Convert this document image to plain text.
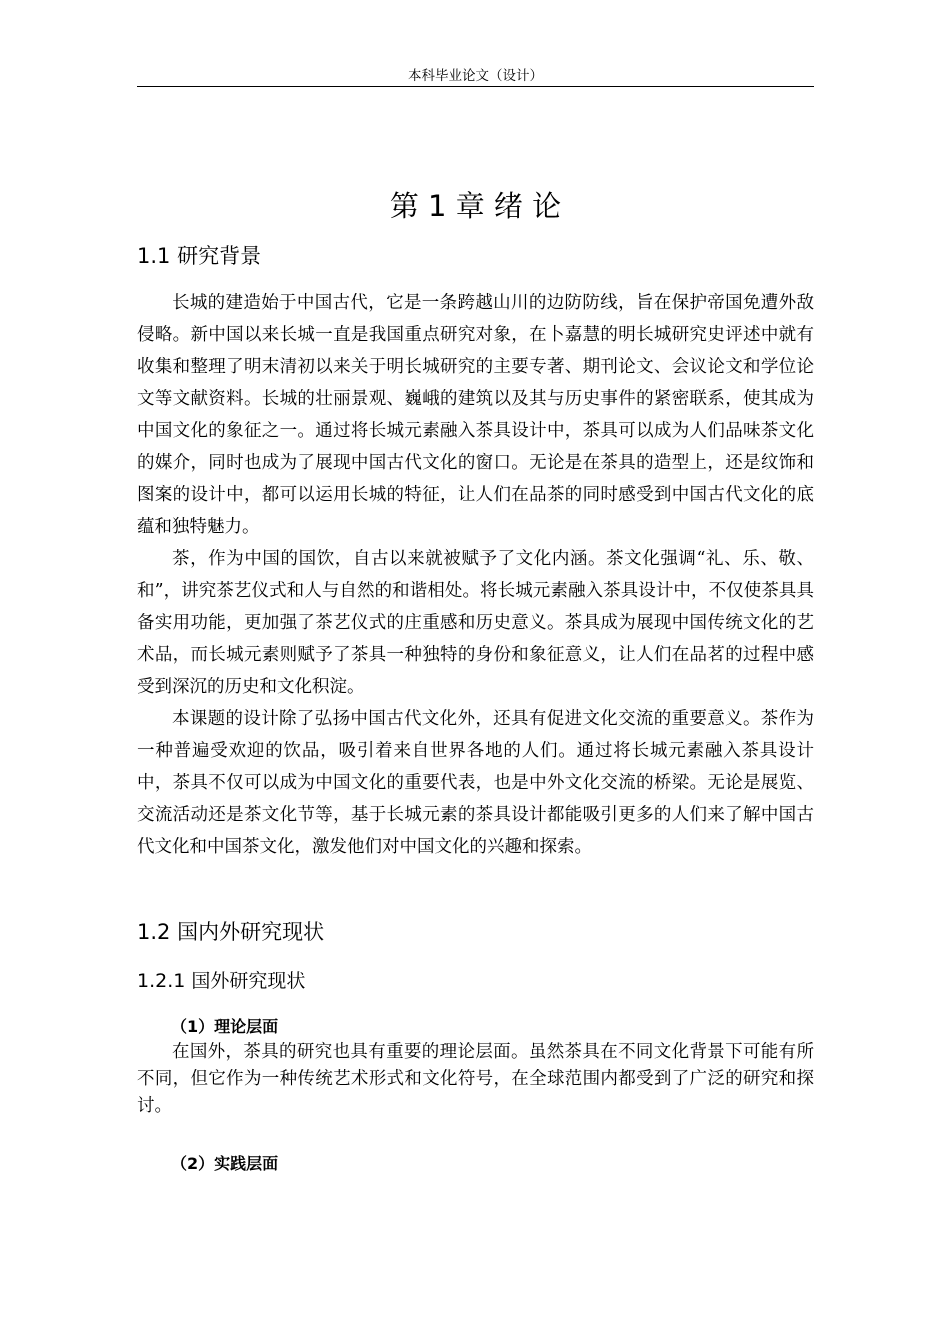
本科毕业论文（设计）
第 1 章 绪 论
1.1 研究背景

长城的建造始于中国古代，它是一条跨越山川的边防防线，旨在保护帝国免遭外敌侵略。新中国以来长城一直是我国重点研究对象，在卜嘉慧的明长城研究史评述中就有收集和整理了明末清初以来关于明长城研究的主要专著、期刊论文、会议论文和学位论文等文献资料。长城的壮丽景观、巍峨的建筑以及其与历史事件的紧密联系，使其成为中国文化的象征之一。通过将长城元素融入茶具设计中，茶具可以成为人们品味茶文化的媒介，同时也成为了展现中国古代文化的窗口。无论是在茶具的造型上，还是纹饰和图案的设计中，都可以运用长城的特征，让人们在品茶的同时感受到中国古代文化的底蕴和独特魅力。

茶，作为中国的国饮，自古以来就被赋予了文化内涵。茶文化强调“礼、乐、敬、和”，讲究茶艺仪式和人与自然的和谐相处。将长城元素融入茶具设计中，不仅使茶具具备实用功能，更加强了茶艺仪式的庄重感和历史意义。茶具成为展现中国传统文化的艺术品，而长城元素则赋予了茶具一种独特的身份和象征意义，让人们在品茗的过程中感受到深沉的历史和文化积淀。

本课题的设计除了弘扬中国古代文化外，还具有促进文化交流的重要意义。茶作为一种普遍受欢迎的饮品，吸引着来自世界各地的人们。通过将长城元素融入茶具设计中，茶具不仅可以成为中国文化的重要代表，也是中外文化交流的桥梁。无论是展览、交流活动还是茶文化节等，基于长城元素的茶具设计都能吸引更多的人们来了解中国古代文化和中国茶文化，激发他们对中国文化的兴趣和探索。

1.2 国内外研究现状
1.2.1 国外研究现状
（1）理论层面

在国外，茶具的研究也具有重要的理论层面。虽然茶具在不同文化背景下可能有所不同，但它作为一种传统艺术形式和文化符号，在全球范围内都受到了广泛的研究和探讨。

（2）实践层面
